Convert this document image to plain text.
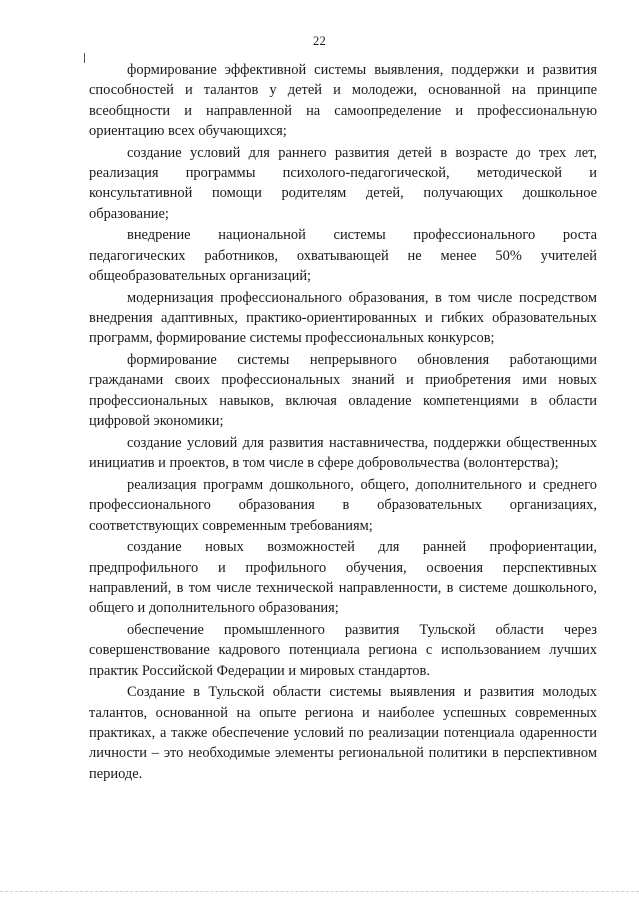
22

формирование эффективной системы выявления, поддержки и развития способностей и талантов у детей и молодежи, основанной на принципе всеобщности и направленной на самоопределение и профессиональную ориентацию всех обучающихся;

создание условий для раннего развития детей в возрасте до трех лет, реализация программы психолого-педагогической, методической и консультативной помощи родителям детей, получающих дошкольное образование;

внедрение национальной системы профессионального роста педагогических работников, охватывающей не менее 50% учителей общеобразовательных организаций;

модернизация профессионального образования, в том числе посредством внедрения адаптивных, практико-ориентированных и гибких образовательных программ, формирование системы профессиональных конкурсов;

формирование системы непрерывного обновления работающими гражданами своих профессиональных знаний и приобретения ими новых профессиональных навыков, включая овладение компетенциями в области цифровой экономики;

создание условий для развития наставничества, поддержки общественных инициатив и проектов, в том числе в сфере добровольчества (волонтерства);

реализация программ дошкольного, общего, дополнительного и среднего профессионального образования в образовательных организациях, соответствующих современным требованиям;

создание новых возможностей для ранней профориентации, предпрофильного и профильного обучения, освоения перспективных направлений, в том числе технической направленности, в системе дошкольного, общего и дополнительного образования;

обеспечение промышленного развития Тульской области через совершенствование кадрового потенциала региона с использованием лучших практик Российской Федерации и мировых стандартов.

Создание в Тульской области системы выявления и развития молодых талантов, основанной на опыте региона и наиболее успешных современных практиках, а также обеспечение условий по реализации потенциала одаренности личности – это необходимые элементы региональной политики в перспективном периоде.
